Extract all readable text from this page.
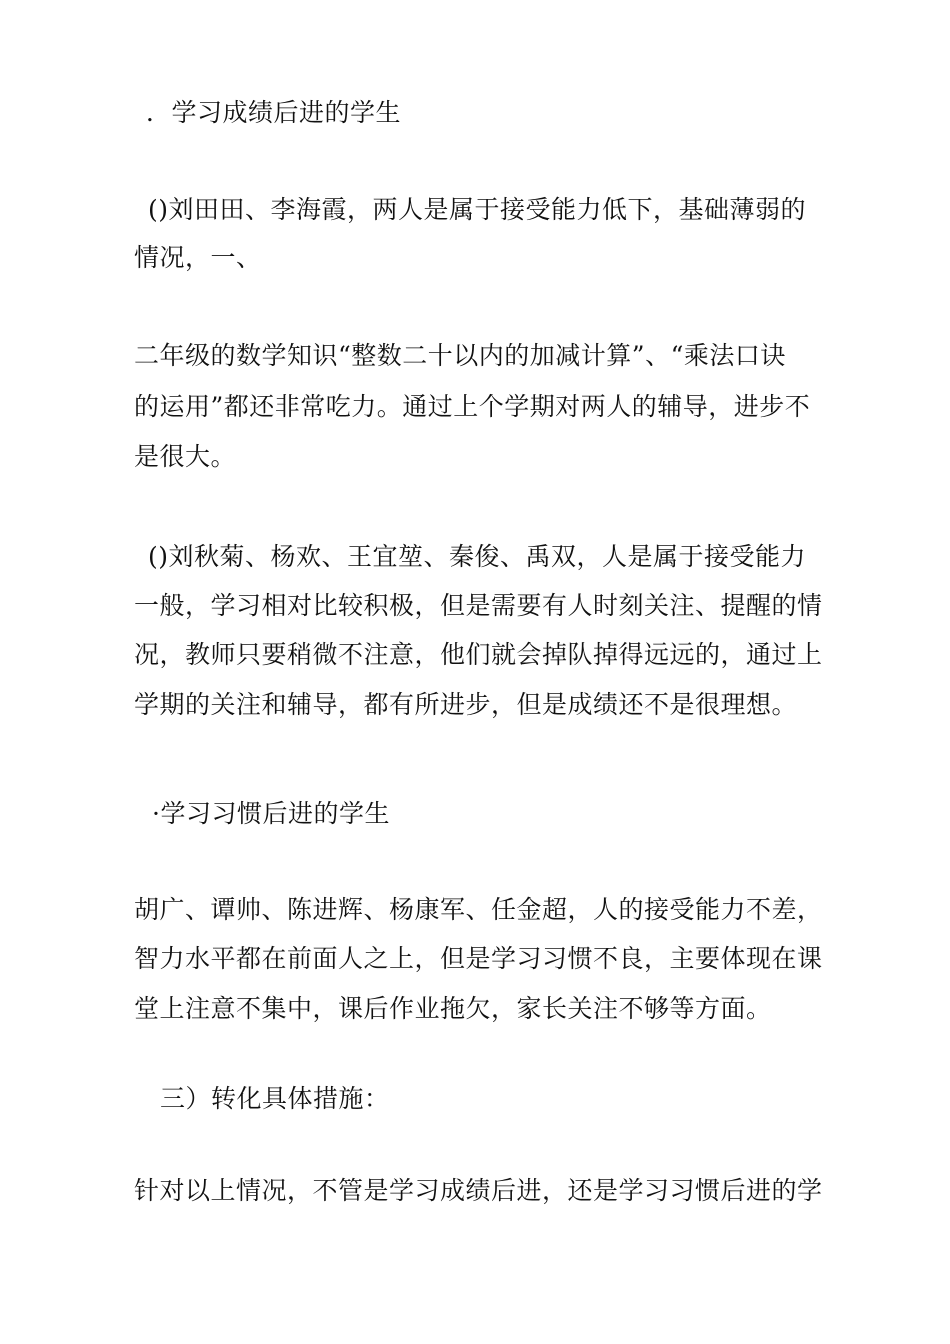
．学习成绩后进的学生
()刘田田、李海霞，两人是属于接受能力低下，基础薄弱的
情况，一、
二年级的数学知识“整数二十以内的加减计算”、“乘法口诀
的运用”都还非常吃力。通过上个学期对两人的辅导，进步不
是很大。
()刘秋菊、杨欢、王宜堃、秦俊、禹双，人是属于接受能力
一般，学习相对比较积极，但是需要有人时刻关注、提醒的情
况，教师只要稍微不注意，他们就会掉队掉得远远的，通过上
学期的关注和辅导，都有所进步，但是成绩还不是很理想。
·学习习惯后进的学生
胡广、谭帅、陈进辉、杨康军、任金超，人的接受能力不差，
智力水平都在前面人之上，但是学习习惯不良，主要体现在课
堂上注意不集中，课后作业拖欠，家长关注不够等方面。
三）转化具体措施：
针对以上情况，不管是学习成绩后进，还是学习习惯后进的学
